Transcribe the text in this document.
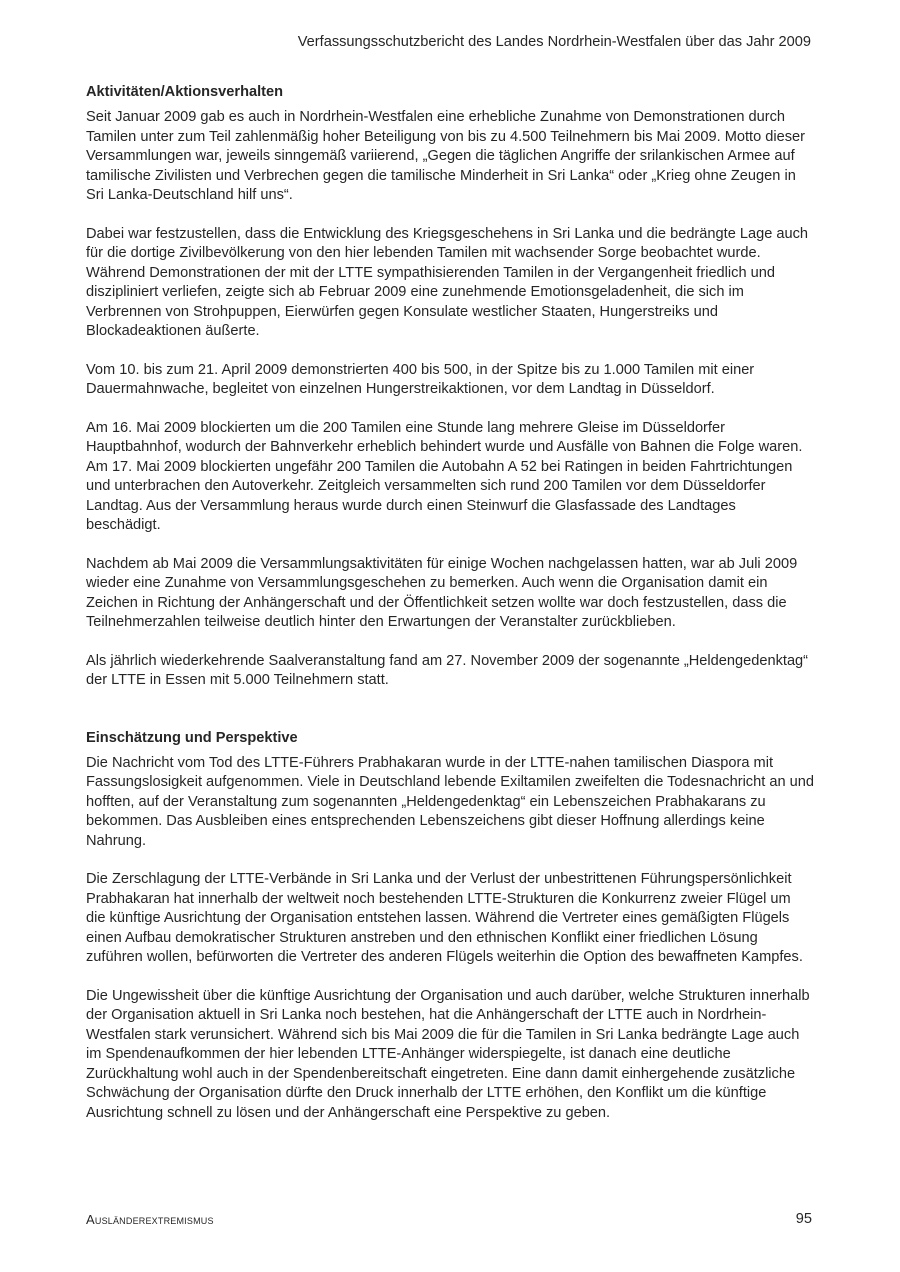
Verfassungsschutzbericht des Landes Nordrhein-Westfalen über das Jahr 2009
Aktivitäten/Aktionsverhalten

Seit Januar 2009 gab es auch in Nordrhein-Westfalen eine erhebliche Zunahme von Demonstrationen durch Tamilen unter zum Teil zahlenmäßig hoher Beteiligung von bis zu 4.500 Teilnehmern bis Mai 2009. Motto dieser Versammlungen war, jeweils sinngemäß variierend, „Gegen die täglichen Angriffe der srilankischen Armee auf tamilische Zivilisten und Verbrechen gegen die tamilische Minderheit in Sri Lanka“ oder „Krieg ohne Zeugen in Sri Lanka-Deutschland hilf uns“.

Dabei war festzustellen, dass die Entwicklung des Kriegsgeschehens in Sri Lanka und die bedrängte Lage auch für die dortige Zivilbevölkerung von den hier lebenden Tamilen mit wachsender Sorge beobachtet wurde. Während Demonstrationen der mit der LTTE sympathisierenden Tamilen in der Vergangenheit friedlich und diszipliniert verliefen, zeigte sich ab Februar 2009 eine zunehmende Emotionsgeladenheit, die sich im Verbrennen von Strohpuppen, Eierwürfen gegen Konsulate westlicher Staaten, Hungerstreiks und Blockadeaktionen äußerte.

Vom 10. bis zum 21. April 2009 demonstrierten 400 bis 500, in der Spitze bis zu 1.000 Tamilen mit einer Dauermahnwache, begleitet von einzelnen Hungerstreikaktionen, vor dem Landtag in Düsseldorf.

Am 16. Mai 2009 blockierten um die 200 Tamilen eine Stunde lang mehrere Gleise im Düsseldorfer Hauptbahnhof, wodurch der Bahnverkehr erheblich behindert wurde und Ausfälle von Bahnen die Folge waren. Am 17. Mai 2009 blockierten ungefähr 200 Tamilen die Autobahn A 52 bei Ratingen in beiden Fahrtrichtungen und unterbrachen den Autoverkehr. Zeitgleich versammelten sich rund 200 Tamilen vor dem Düsseldorfer Landtag. Aus der Versammlung heraus wurde durch einen Steinwurf die Glasfassade des Landtages beschädigt.

Nachdem ab Mai 2009 die Versammlungsaktivitäten für einige Wochen nachgelassen hatten, war ab Juli 2009 wieder eine Zunahme von Versammlungsgeschehen zu bemerken. Auch wenn die Organisation damit ein Zeichen in Richtung der Anhängerschaft und der Öffentlichkeit setzen wollte war doch festzustellen, dass die Teilnehmerzahlen teilweise deutlich hinter den Erwartungen der Veranstalter zurückblieben.

Als jährlich wiederkehrende Saalveranstaltung fand am 27. November 2009 der sogenannte „Heldengedenktag“ der LTTE in Essen mit 5.000 Teilnehmern statt.

Einschätzung und Perspektive

Die Nachricht vom Tod des LTTE-Führers Prabhakaran wurde in der LTTE-nahen tamilischen Diaspora mit Fassungslosigkeit aufgenommen. Viele in Deutschland lebende Exiltamilen zweifelten die Todesnachricht an und hofften, auf der Veranstaltung zum sogenannten „Heldengedenktag“ ein Lebenszeichen Prabhakarans zu bekommen. Das Ausbleiben eines entsprechenden Lebenszeichens gibt dieser Hoffnung allerdings keine Nahrung.

Die Zerschlagung der LTTE-Verbände in Sri Lanka und der Verlust der unbestrittenen Führungspersönlichkeit Prabhakaran hat innerhalb der weltweit noch bestehenden LTTE-Strukturen die Konkurrenz zweier Flügel um die künftige Ausrichtung der Organisation entstehen lassen. Während die Vertreter eines gemäßigten Flügels einen Aufbau demokratischer Strukturen anstreben und den ethnischen Konflikt einer friedlichen Lösung zuführen wollen, befürworten die Vertreter des anderen Flügels weiterhin die Option des bewaffneten Kampfes.

Die Ungewissheit über die künftige Ausrichtung der Organisation und auch darüber, welche Strukturen innerhalb der Organisation aktuell in Sri Lanka noch bestehen, hat die Anhängerschaft der LTTE auch in Nordrhein-Westfalen stark verunsichert. Während sich bis Mai 2009 die für die Tamilen in Sri Lanka bedrängte Lage auch im Spendenaufkommen der hier lebenden LTTE-Anhänger widerspiegelte, ist danach eine deutliche Zurückhaltung wohl auch in der Spendenbereitschaft eingetreten. Eine dann damit einhergehende zusätzliche Schwächung der Organisation dürfte den Druck innerhalb der LTTE erhöhen, den Konflikt um die künftige Ausrichtung schnell zu lösen und der Anhängerschaft eine Perspektive zu geben.

Ausländerextremismus	95
